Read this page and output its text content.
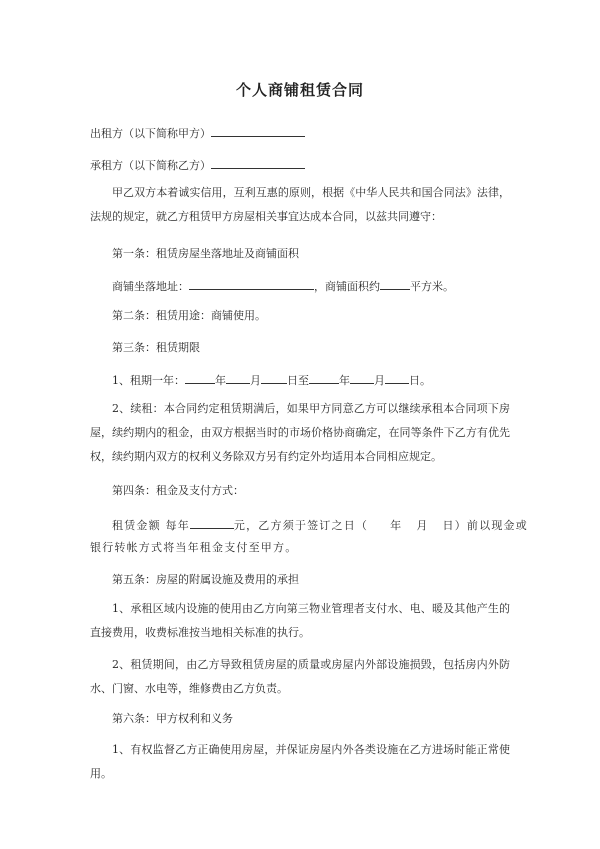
个人商铺租赁合同
出租方（以下简称甲方）
承租方（以下简称乙方）
甲乙双方本着诚实信用，互利互惠的原则，根据《中华人民共和国合同法》法律，法规的规定，就乙方租赁甲方房屋相关事宜达成本合同，以兹共同遵守：
第一条：租赁房屋坐落地址及商铺面积
商铺坐落地址：	，商铺面积约	平方米。
第二条：租赁用途：商铺使用。
第三条：租赁期限
1、租期一年：	年 月 日至	年 月 日。
2、续租：本合同约定租赁期满后，如果甲方同意乙方可以继续承租本合同项下房屋，续约期内的租金，由双方根据当时的市场价格协商确定，在同等条件下乙方有优先权，续约期内双方的权利义务除双方另有约定外均适用本合同相应规定。
第四条：租金及支付方式：
租赁金额 每年	元，乙方须于签订之日（ 年 月 日）前以现金或
银行转帐方式将当年租金支付至甲方。
第五条：房屋的附属设施及费用的承担
1、承租区域内设施的使用由乙方向第三物业管理者支付水、电、暖及其他产生的直接费用，收费标准按当地相关标准的执行。
2、租赁期间，由乙方导致租赁房屋的质量或房屋内外部设施损毁，包括房内外防水、门窗、水电等，维修费由乙方负责。
第六条：甲方权利和义务
1、有权监督乙方正确使用房屋，并保证房屋内外各类设施在乙方进场时能正常使用。
